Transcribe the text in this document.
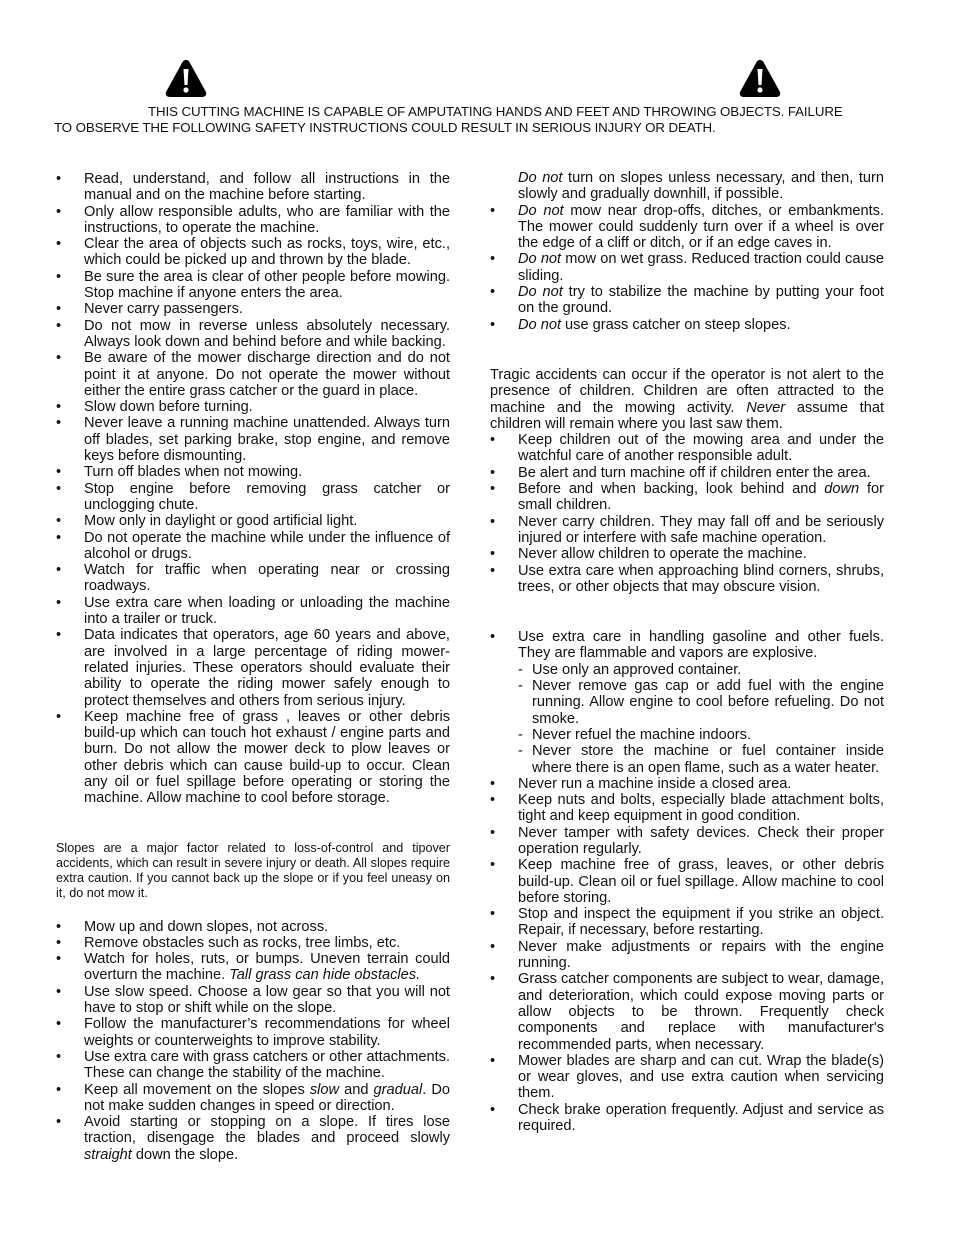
THIS CUTTING MACHINE IS CAPABLE OF AMPUTATING HANDS AND FEET AND THROWING OBJECTS. FAILURE
TO OBSERVE THE FOLLOWING SAFETY INSTRUCTIONS COULD RESULT IN SERIOUS INJURY OR DEATH.
• Read, understand, and follow all instructions in the manual and on the machine before starting.
• Only allow responsible adults, who are familiar with the instructions, to operate the machine.
• Clear the area of objects such as rocks, toys, wire, etc., which could be picked up and thrown by the blade.
• Be sure the area is clear of other people before mowing. Stop machine if anyone enters the area.
• Never carry passengers.
• Do not mow in reverse unless absolutely necessary. Always look down and behind before and while backing.
• Be aware of the mower discharge direction and do not point it at anyone. Do not operate the mower without either the entire grass catcher or the guard in place.
• Slow down before turning.
• Never leave a running machine unattended. Always turn off blades, set parking brake, stop engine, and remove keys before dismounting.
• Turn off blades when not mowing.
• Stop engine before removing grass catcher or unclogging chute.
• Mow only in daylight or good artificial light.
• Do not operate the machine while under the influence of alcohol or drugs.
• Watch for traffic when operating near or crossing roadways.
• Use extra care when loading or unloading the machine into a trailer or truck.
• Data indicates that operators, age 60 years and above, are involved in a large percentage of riding mower-related injuries. These operators should evaluate their ability to operate the riding mower safely enough to protect themselves and others from serious injury.
• Keep machine free of grass , leaves or other debris build-up which can touch hot exhaust / engine parts and burn. Do not allow the mower deck to plow leaves or other debris which can cause build-up to occur. Clean any oil or fuel spillage before operating or storing the machine. Allow machine to cool before storage.

Slopes are a major factor related to loss-of-control and tipover accidents, which can result in severe injury or death. All slopes require extra caution. If you cannot back up the slope or if you feel uneasy on it, do not mow it.

• Mow up and down slopes, not across.
• Remove obstacles such as rocks, tree limbs, etc.
• Watch for holes, ruts, or bumps. Uneven terrain could overturn the machine. Tall grass can hide obstacles.
• Use slow speed. Choose a low gear so that you will not have to stop or shift while on the slope.
• Follow the manufacturer’s recommendations for wheel weights or counterweights to improve stability.
• Use extra care with grass catchers or other attachments. These can change the stability of the machine.
• Keep all movement on the slopes slow and gradual. Do not make sudden changes in speed or direction.
• Avoid starting or stopping on a slope. If tires lose traction, disengage the blades and proceed slowly straight down the slope.

Do not turn on slopes unless necessary, and then, turn slowly and gradually downhill, if possible.

• Do not mow near drop-offs, ditches, or embankments. The mower could suddenly turn over if a wheel is over the edge of a cliff or ditch, or if an edge caves in.
• Do not mow on wet grass. Reduced traction could cause sliding.
• Do not try to stabilize the machine by putting your foot on the ground.
• Do not use grass catcher on steep slopes.

Tragic accidents can occur if the operator is not alert to the presence of children. Children are often attracted to the machine and the mowing activity. Never assume that children will remain where you last saw them.

• Keep children out of the mowing area and under the watchful care of another responsible adult.
• Be alert and turn machine off if children enter the area.
• Before and when backing, look behind and down for small children.
• Never carry children. They may fall off and be seriously injured or interfere with safe machine operation.
• Never allow children to operate the machine.
• Use extra care when approaching blind corners, shrubs, trees, or other objects that may obscure vision.
• Use extra care in handling gasoline and other fuels. They are flammable and vapors are explosive.
- Use only an approved container.
- Never remove gas cap or add fuel with the engine running. Allow engine to cool before refueling. Do not smoke.
- Never refuel the machine indoors.
- Never store the machine or fuel container inside where there is an open flame, such as a water heater.
• Never run a machine inside a closed area.
• Keep nuts and bolts, especially blade attachment bolts, tight and keep equipment in good condition.
• Never tamper with safety devices. Check their proper operation regularly.
• Keep machine free of grass, leaves, or other debris build-up. Clean oil or fuel spillage. Allow machine to cool before storing.
• Stop and inspect the equipment if you strike an object. Repair, if necessary, before restarting.
• Never make adjustments or repairs with the engine running.
• Grass catcher components are subject to wear, damage, and deterioration, which could expose moving parts or allow objects to be thrown. Frequently check components and replace with manufacturer's recommended parts, when necessary.
• Mower blades are sharp and can cut. Wrap the blade(s) or wear gloves, and use extra caution when servicing them.
• Check brake operation frequently. Adjust and service as required.
